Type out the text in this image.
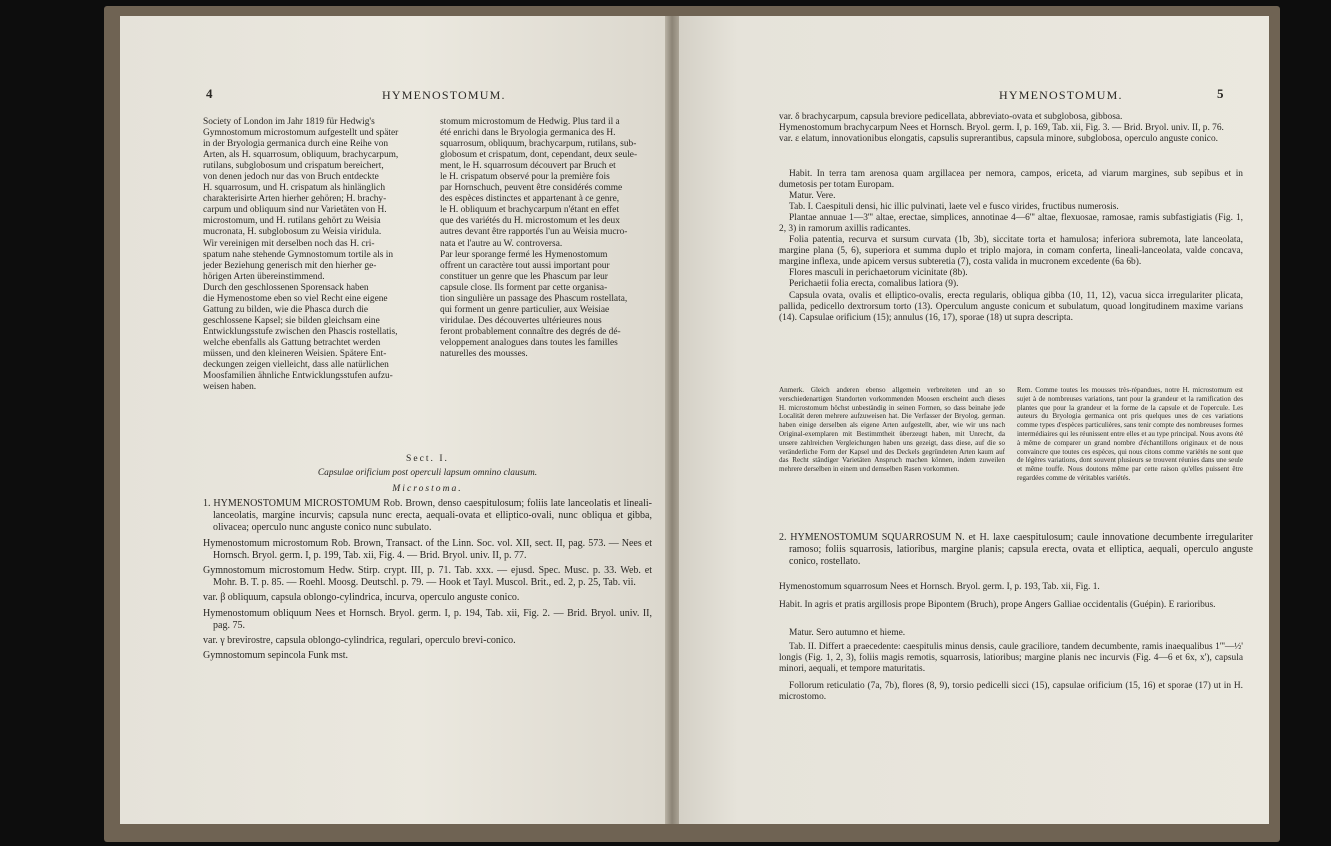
4	HYMENOSTOMUM.
Society of London im Jahr 1819 für Hedwig's
Gymnostomum microstomum aufgestellt und später
in der Bryologia germanica durch eine Reihe von
Arten, als H. squarrosum, obliquum, brachycarpum,
rutilans, subglobosum und crispatum bereichert,
von denen jedoch nur das von Bruch entdeckte
H. squarrosum, und H. crispatum als hinlänglich
charakterisirte Arten hierher gehören; H. brachy-
carpum und obliquum sind nur Varietäten von H.
microstomum, und H. rutilans gehört zu Weisia
mucronata, H. subglobosum zu Weisia viridula.
Wir vereinigen mit derselben noch das H. cri-
spatum nahe stehende Gymnostomum tortile als in
jeder Beziehung generisch mit den hierher ge-
hörigen Arten übereinstimmend.
Durch den geschlossenen Sporensack haben
die Hymenostome eben so viel Recht eine eigene
Gattung zu bilden, wie die Phasca durch die
geschlossene Kapsel; sie bilden gleichsam eine
Entwicklungsstufe zwischen den Phascis rostellatis,
welche ebenfalls als Gattung betrachtet werden
müssen, und den kleineren Weisien. Spätere Ent-
deckungen zeigen vielleicht, dass alle natürlichen
Moosfamilien ähnliche Entwicklungsstufen aufzu-
weisen haben.
stomum microstomum de Hedwig. Plus tard il a
été enrichi dans le Bryologia germanica des H.
squarrosum, obliquum, brachycarpum, rutilans, sub-
globosum et crispatum, dont, cependant, deux seule-
ment, le H. squarrosum découvert par Bruch et
le H. crispatum observé pour la première fois
par Hornschuch, peuvent être considérés comme
des espèces distinctes et appartenant à ce genre,
le H. obliquum et brachycarpum n'étant en effet
que des variétés du H. microstomum et les deux
autres devant être rapportés l'un au Weisia mucro-
nata et l'autre au W. controversa.
Par leur sporange fermé les Hymenostomum
offrent un caractère tout aussi important pour
constituer un genre que les Phascum par leur
capsule close. Ils forment par cette organisa-
tion singulière un passage des Phascum rostellata,
qui forment un genre particulier, aux Weisiae
viridulae. Des découvertes ultérieures nous
feront probablement connaître des degrés de dé-
veloppement analogues dans toutes les familles
naturelles des mousses.
Sect. I.
Capsulae orificium post operculi lapsum omnino clausum.
Microstoma.
1. HYMENOSTOMUM MICROSTOMUM Rob. Brown, denso caespitulosum; foliis late lanceolatis et lineali-lanceolatis, margine incurvis; capsula nunc erecta, aequali-ovata et elliptico-ovali, nunc obliqua et gibba, olivacea; operculo nunc anguste conico nunc subulato.
Hymenostomum microstomum Rob. Brown, Transact. of the Linn. Soc. vol. XII, sect. II, pag. 573. — Nees et Hornsch. Bryol. germ. I, p. 199, Tab. xii, Fig. 4. — Brid. Bryol. univ. II, p. 77.
Gymnostomum microstomum Hedw. Stirp. crypt. III, p. 71. Tab. xxx. — ejusd. Spec. Musc. p. 33. Web. et Mohr. B. T. p. 85. — Roehl. Moosg. Deutschl. p. 79. — Hook et Tayl. Muscol. Brit., ed. 2, p. 25, Tab. vii.
var. β obliquum, capsula oblongo-cylindrica, incurva, operculo anguste conico.
Hymenostomum obliquum Nees et Hornsch. Bryol. germ. I, p. 194, Tab. xii, Fig. 2. — Brid. Bryol. univ. II, pag. 75.
var. γ brevirostre, capsula oblongo-cylindrica, regulari, operculo brevi-conico.
Gymnostomum sepincola Funk mst.
HYMENOSTOMUM.	5
var. δ brachycarpum, capsula breviore pedicellata, abbreviato-ovata et subglobosa, gibbosa.
Hymenostomum brachycarpum Nees et Hornsch. Bryol. germ. I, p. 169, Tab. xii, Fig. 3. — Brid. Bryol. univ. II, p. 76.
var. ε elatum, innovationibus elongatis, capsulis suprerantibus, capsula minore, subglobosa, operculo anguste conico.
Habit. In terra tam arenosa quam argillacea per nemora, campos, ericeta, ad viarum margines, sub sepibus et in dumetosis per totam Europam.
Matur. Vere.
Tab. I. Caespituli densi, hic illic pulvinati, laete vel e fusco virides, fructibus numerosis.
Plantae annuae 1—3''' altae, erectae, simplices, annotinae 4—6''' altae, flexuosae, ramosae, ramis subfastigiatis (Fig. 1, 2, 3) in ramorum axillis radicantes.
Folia patentia, recurva et sursum curvata (1b, 3b), siccitate torta et hamulosa; inferiora subremota, late lanceolata, margine plana (5, 6), superiora et summa duplo et triplo majora, in comam conferta, lineali-lanceolata, valde concava, margine inflexa, unde apicem versus subteretia (7), costa valida in mucronem excedente (6a 6b).
Flores masculi in perichaetorum vicinitate (8b).
Perichaetii folia erecta, comalibus latiora (9).
Capsula ovata, ovalis et elliptico-ovalis, erecta regularis, obliqua gibba (10, 11, 12), vacua sicca irregulariter plicata, pallida, pedicello dextrorsum torto (13). Operculum anguste conicum et subulatum, quoad longitudinem maxime varians (14). Capsulae orificium (15); annulus (16, 17), sporae (18) ut supra descripta.
Anmerk. Gleich anderen ebenso allgemein verbreiteten und an so verschiedenartigen Standorten vorkommenden Moosen erscheint auch dieses H. microstomum höchst unbeständig in seinen Formen, so dass beinahe jede Localität deren mehrere aufzuweisen hat. Die Verfasser der Bryolog. german. haben einige derselben als eigene Arten aufgestellt, aber, wie wir uns nach Original-exemplaren mit Bestimmtheit überzeugt haben, mit Unrecht, da unsere zahlreichen Vergleichungen haben uns gezeigt, dass diese, auf die so veränderliche Form der Kapsel und des Deckels gegründeten Arten kaum auf das Recht ständiger Varietäten Anspruch machen können, indem zuweilen mehrere derselben in einem und demselben Rasen vorkommen.
Rem. Comme toutes les mousses très-répandues, notre H. microstomum est sujet à de nombreuses variations, tant pour la grandeur et la ramification des plantes que pour la grandeur et la forme de la capsule et de l'opercule. Les auteurs du Bryologia germanica ont pris quelques unes de ces variations comme types d'espèces particulières, sans tenir compte des nombreuses formes intermédiaires qui les réunissent entre elles et au type principal. Nous avons été à même de comparer un grand nombre d'échantillons originaux et de nous convaincre que toutes ces espèces, qui nous citons comme variétés ne sont que de légères variations, dont souvent plusieurs se trouvent réunies dans une seule et même touffe. Nous doutons même par cette raison qu'elles puissent être regardées comme de véritables variétés.
2. HYMENOSTOMUM SQUARROSUM N. et H. laxe caespitulosum; caule innovatione decumbente irregulariter ramoso; foliis squarrosis, latioribus, margine planis; capsula erecta, ovata et elliptica, aequali, operculo anguste conico, rostellato.
Hymenostomum squarrosum Nees et Hornsch. Bryol. germ. I, p. 193, Tab. xii, Fig. 1.
Habit. In agris et pratis argillosis prope Bipontem (Bruch), prope Angers Galliae occidentalis (Guépin). E rarioribus.
Matur. Sero autumno et hieme.
Tab. II. Differt a praecedente: caespitulis minus densis, caule graciliore, tandem decumbente, ramis inaequalibus 1'''—½' longis (Fig. 1, 2, 3), foliis magis remotis, squarrosis, latioribus; margine planis nec incurvis (Fig. 4—6 et 6x, x'), capsula minori, aequali, et tempore maturitatis.
Follorum reticulatio (7a, 7b), flores (8, 9), torsio pedicelli sicci (15), capsulae orificium (15, 16) et sporae (17) ut in H. microstomo.
